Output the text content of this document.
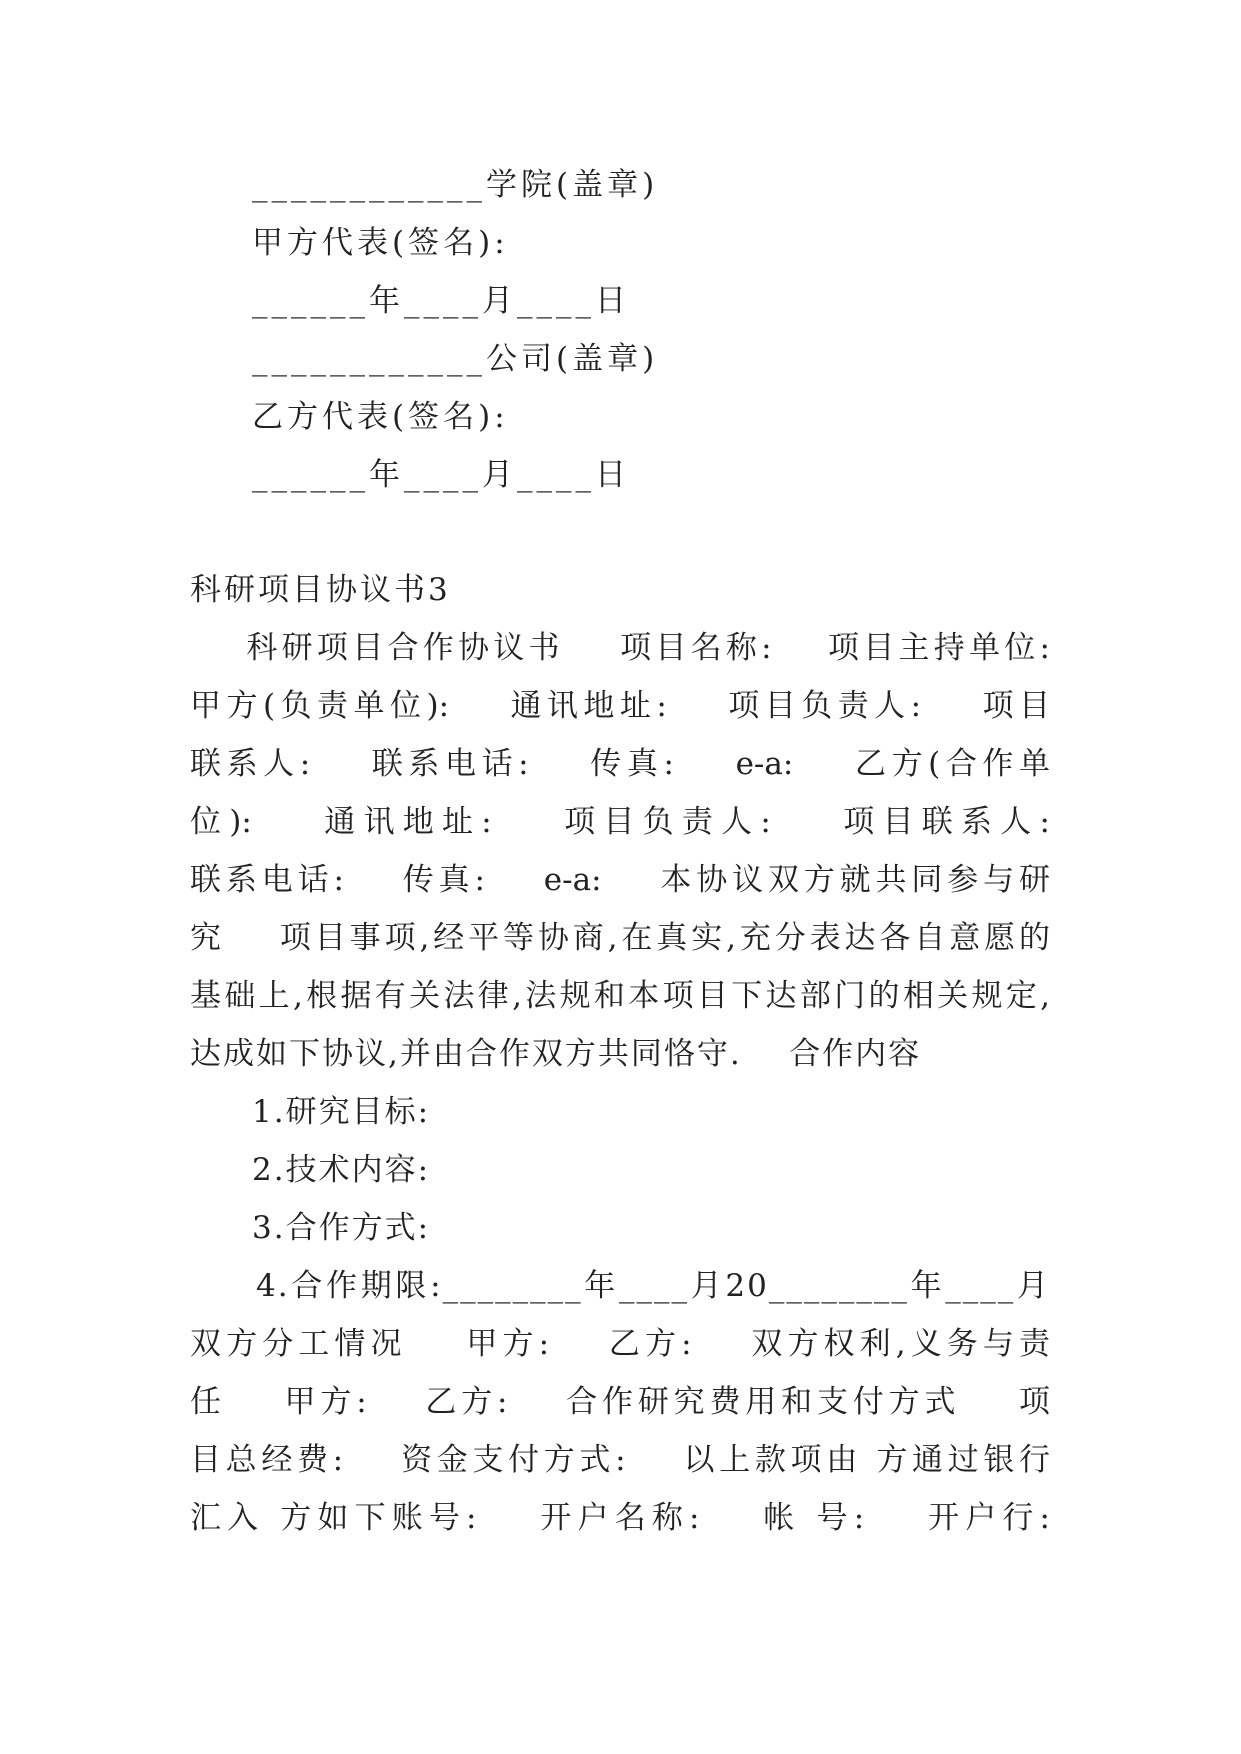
____________学院(盖章)
甲方代表(签名):
______年____月____日
____________公司(盖章)
乙方代表(签名):
______年____月____日
科研项目协议书3
科研项目合作协议书    项目名称:    项目主持单位:
甲方(负责单位):    通讯地址:    项目负责人:    项目
联系人:    联系电话:    传真:    e-a:    乙方(合作单
位):    通讯地址:    项目负责人:    项目联系人:
联系电话:    传真:    e-a:    本协议双方就共同参与研
究    项目事项,经平等协商,在真实,充分表达各自意愿的
基础上,根据有关法律,法规和本项目下达部门的相关规定,
达成如下协议,并由合作双方共同恪守.    合作内容
1.研究目标:
2.技术内容:
3.合作方式:
4.合作期限:________年____月20________年____月
双方分工情况    甲方:    乙方:    双方权利,义务与责
任    甲方:    乙方:    合作研究费用和支付方式    项
目总经费:    资金支付方式:    以上款项由 方通过银行
汇入 方如下账号:    开户名称:    帐 号:    开户行:
